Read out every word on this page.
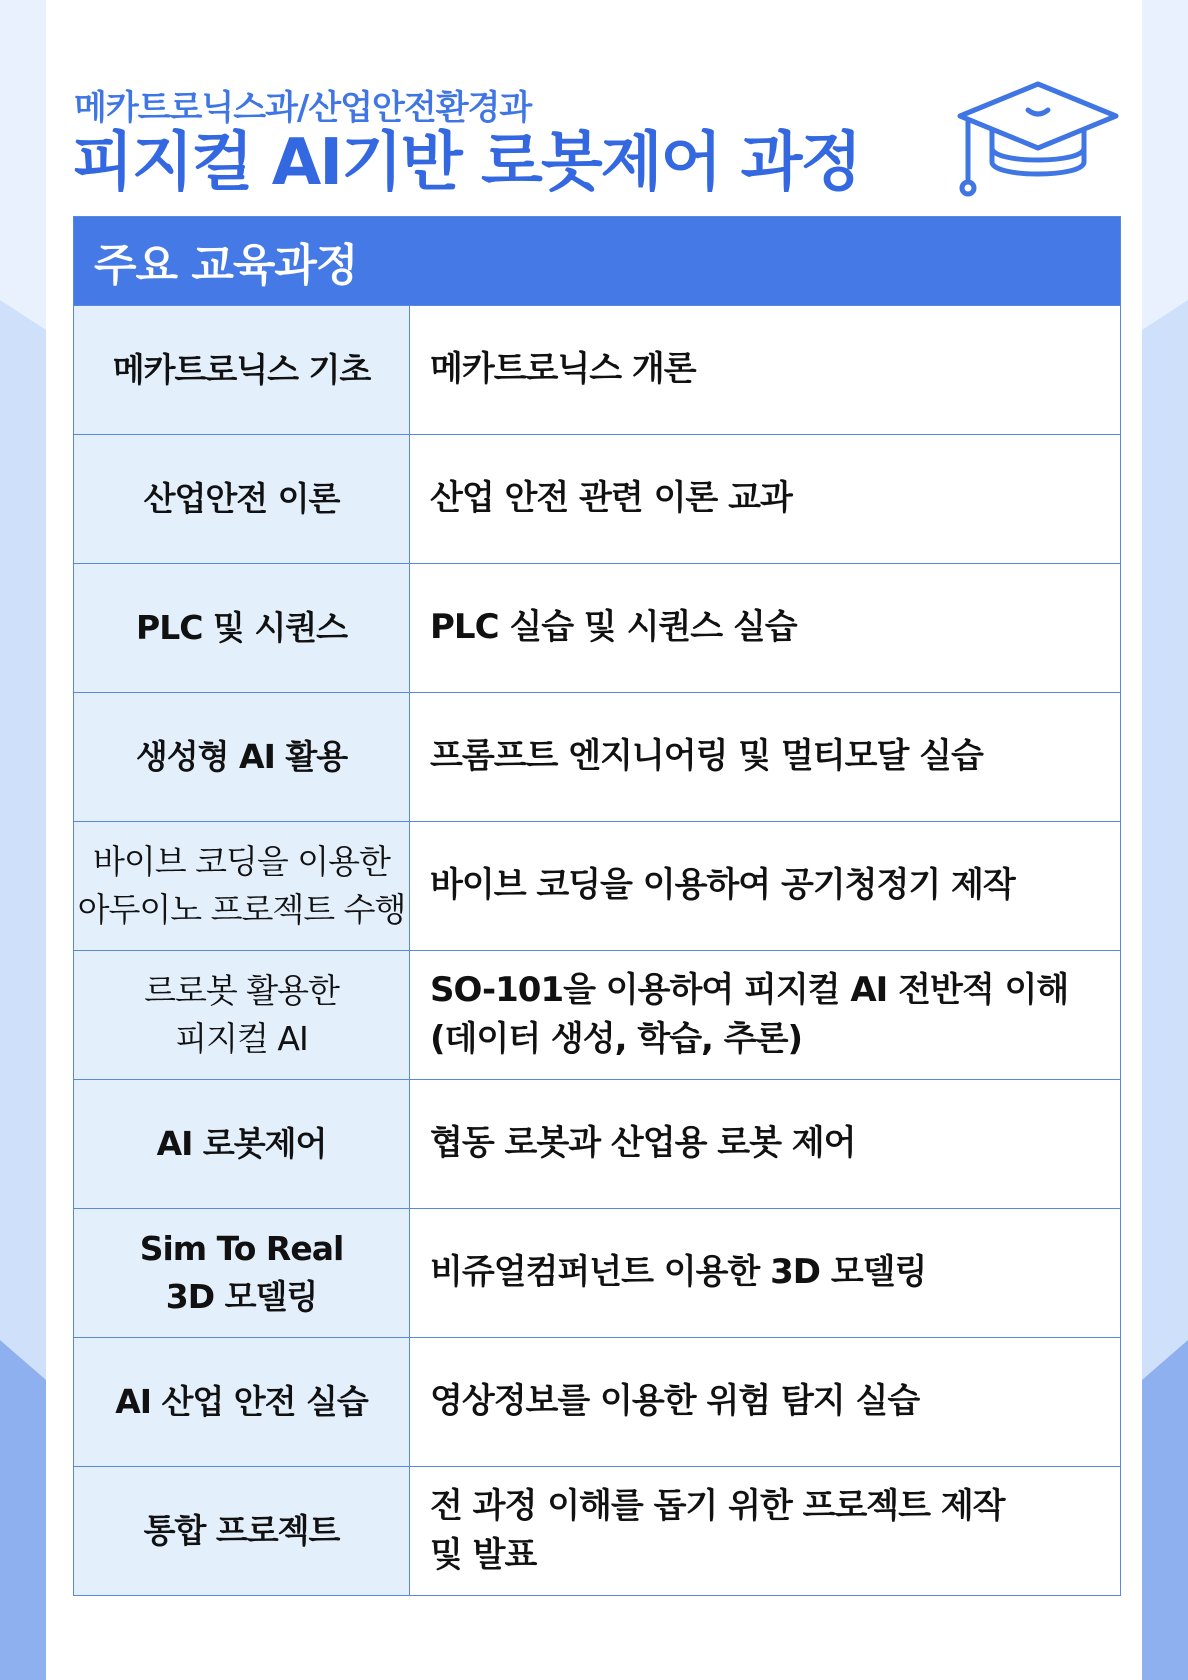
메카트로닉스과/산업안전환경과
피지컬 AI기반 로봇제어 과정
주요 교육과정
메카트로닉스 기초 메카트로닉스 개론
산업안전 이론	산업 안전 관련 이론 교과
PLC 및 시퀀스 PLC 실습 및 시퀀스 실습
생성형 AI 활용 프롬프트 엔지니어링 및 멀티모달 실습
바이브 코딩을 이용한
아두이노 프로젝트 수행
바이브 코딩을 이용하여 공기청정기 제작
르로봇 활용한
피지컬 AI
SO-101을 이용하여 피지컬 AI 전반적 이해
(데이터 생성, 학습, 추론)
AI 로봇제어	협동 로봇과 산업용 로봇 제어
Sim To Real
3D 모델링
비쥬얼컴퍼넌트 이용한 3D 모델링
AI 산업 안전 실습 영상정보를 이용한 위험 탐지 실습
통합 프로젝트
전 과정 이해를 돕기 위한 프로젝트 제작
및 발표
